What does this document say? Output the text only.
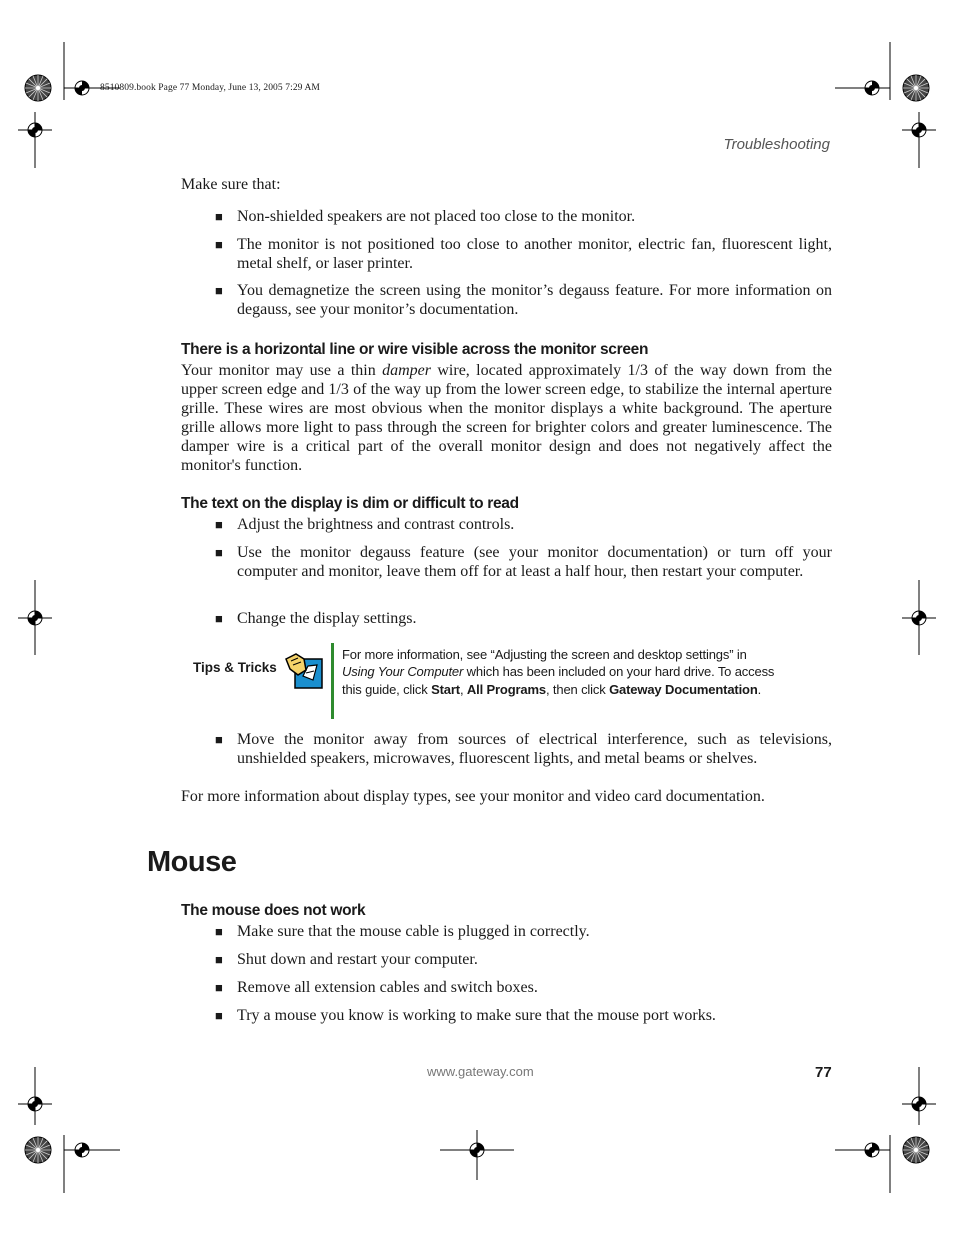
8510809.book Page 77 Monday, June 13, 2005 7:29 AM
Troubleshooting
Make sure that:
■ Non-shielded speakers are not placed too close to the monitor.
■ The monitor is not positioned too close to another monitor, electric fan, fluorescent light, metal shelf, or laser printer.
■ You demagnetize the screen using the monitor’s degauss feature. For more information on degauss, see your monitor’s documentation.
There is a horizontal line or wire visible across the monitor screen
Your monitor may use a thin damper wire, located approximately 1/3 of the way down from the upper screen edge and 1/3 of the way up from the lower screen edge, to stabilize the internal aperture grille. These wires are most obvious when the monitor displays a white background. The aperture grille allows more light to pass through the screen for brighter colors and greater luminescence. The damper wire is a critical part of the overall monitor design and does not negatively affect the monitor's function.
The text on the display is dim or difficult to read
■ Adjust the brightness and contrast controls.
■ Use the monitor degauss feature (see your monitor documentation) or turn off your computer and monitor, leave them off for at least a half hour, then restart your computer.
■ Change the display settings.
Tips & Tricks
For more information, see “Adjusting the screen and desktop settings” in Using Your Computer which has been included on your hard drive. To access this guide, click Start, All Programs, then click Gateway Documentation.
■ Move the monitor away from sources of electrical interference, such as televisions, unshielded speakers, microwaves, fluorescent lights, and metal beams or shelves.
For more information about display types, see your monitor and video card documentation.
Mouse
The mouse does not work
■ Make sure that the mouse cable is plugged in correctly.
■ Shut down and restart your computer.
■ Remove all extension cables and switch boxes.
■ Try a mouse you know is working to make sure that the mouse port works.
www.gateway.com	77
